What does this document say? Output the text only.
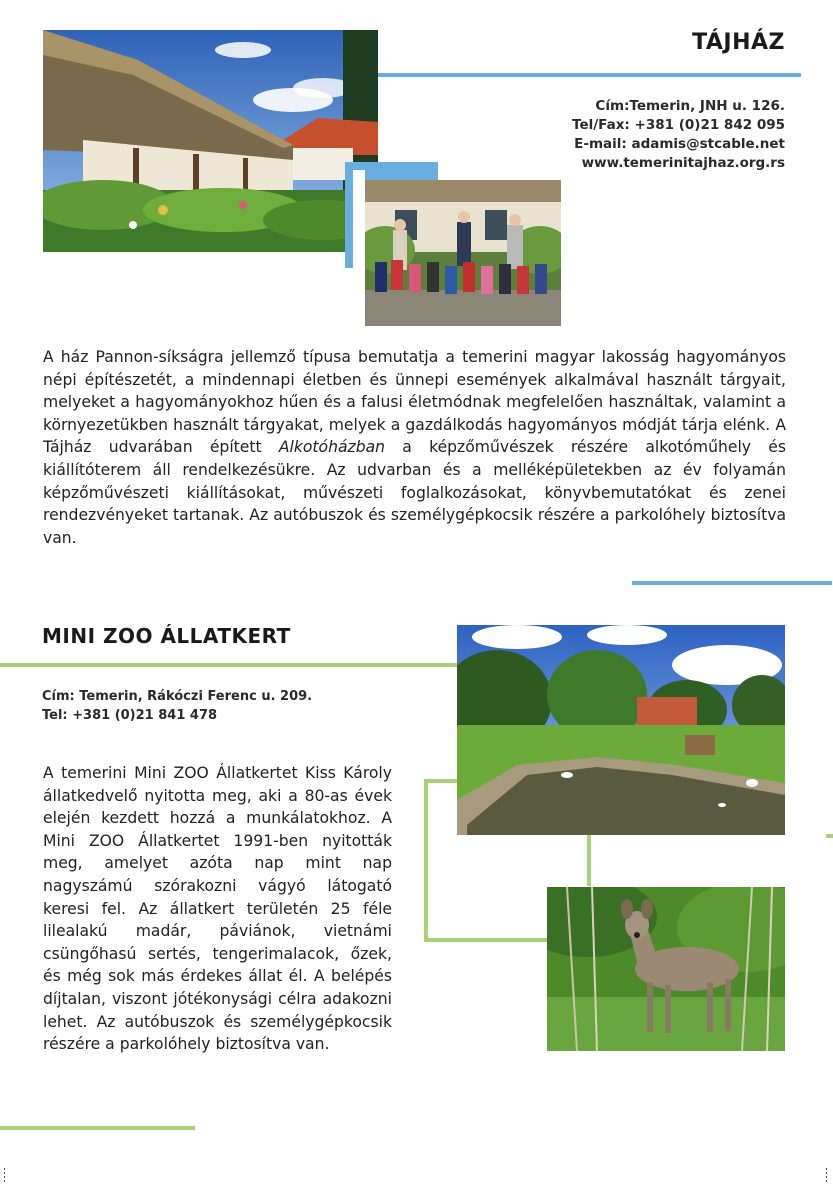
TÁJHÁZ
Cím:Temerin, JNH u. 126.
Tel/Fax: +381 (0)21 842 095
E-mail: adamis@stcable.net
www.temerinitajhaz.org.rs

A ház Pannon-síkságra jellemző típusa bemutatja a temerini magyar lakosság hagyományos népi építészetét, a mindennapi életben és ünnepi események alkalmával használt tárgyait, melyeket a hagyományokhoz hűen és a falusi életmódnak megfelelően használtak, valamint a környezetükben használt tárgyakat, melyek a gazdálkodás hagyományos módját tárja elénk. A Tájház udvarában épített Alkotóházban a képzőművészek részére alkotóműhely és kiállítóterem áll rendelkezésükre. Az udvarban és a melléképületekben az év folyamán képzőművészeti kiállításokat, művészeti foglalkozásokat, könyvbemutatókat és zenei rendezvényeket tartanak. Az autóbuszok és személygépkocsik részére a parkolóhely biztosítva van.

MINI ZOO ÁLLATKERT
Cím: Temerin, Rákóczi Ferenc u. 209.
Tel: +381 (0)21 841 478

A temerini Mini ZOO Állatkertet Kiss Károly állatkedvelő nyitotta meg, aki a 80-as évek elején kezdett hozzá a munkálatokhoz. A Mini ZOO Állatkertet 1991-ben nyitották meg, amelyet azóta nap mint nap nagyszámú szórakozni vágyó látogató keresi fel. Az állatkert területén 25 féle lilealakú madár, páviánok, vietnámi csüngőhasú sertés, tengerimalacok, őzek, és még sok más érdekes állat él. A belépés díjtalan, viszont jótékonysági célra adakozni lehet. Az autóbuszok és személygépkocsik részére a parkolóhely biztosítva van.
